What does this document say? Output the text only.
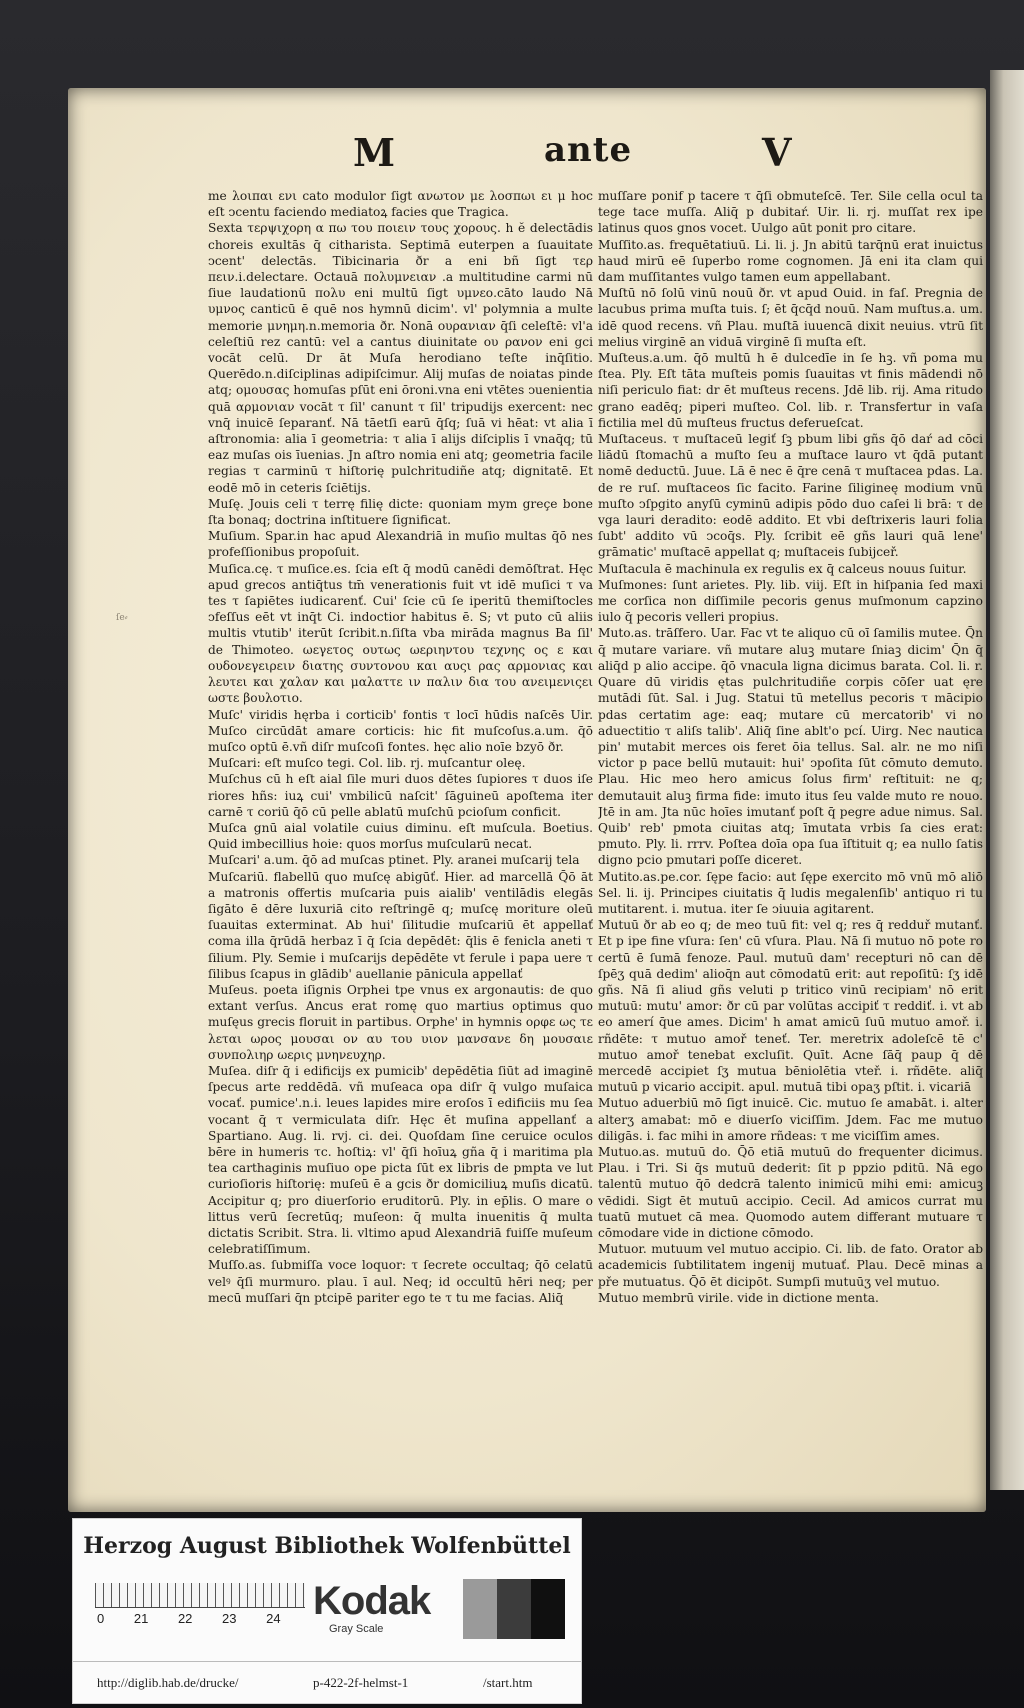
M	ante	V

me λοιπαι ενι cato modulor ſigt ανωτον με λοσπωι ει μ hoc eſt ↄcentu faciendo mediatoꝝ facies que Tragica.

Sexta τερψιχορη α πω του ποιειν τους χορους. h ĕ delectādis choreis exultās q̄ citharista. Septimā euterpen a ſuauitate ↄcent' delectās. Tibicinaria ðr a eni bñ ſigt τερ πειν.i.delectare. Octauā πολυμνειαν .a multitudine carmi nū ſiue laudationū πολυ eni multū ſigt υμνεο.cāto laudo Nā υμνος canticū ē quē nos hymnū dicim'. vl' polymnia a multe memorie μνημη.n.memoria ðr. Nonā ουρανιαν q̄ſi celeſtē: vl'a celeſtiū rez cantū: vel a cantus diuinitate ου ρανον eni gci vocāt celū. Dr āt Muſa herodiano teſte inq̄ſitio. Querēdo.n.diſciplinas adipiſcimur. Alij muſas de noiatas pinde atq; ομουσας homuſas pſūt eni ōroni.vna eni vtētes ↄuenientia quā αρμονιαν vocāt τ ſil' canunt τ ſil' tripudijs exercent: nec vnq̄ inuicē ſeparanť. Nā tāetſi earū q̄ſq; ſuā vi hēat: vt alia ī aſtronomia: alia ī geometria: τ alia ī alijs diſciplis ī vnaq̄q; tū eaz muſas ois īuenias. Jn aſtro nomia eni atq; geometria facile regias τ carminū τ hiſtorię pulchritudiñe atq; dignitatē. Et eodē mō in ceteris ſciētijs.

Muſę. Jouis celi τ terrę filię dicte: quoniam mym greçe bone ſta bonaq; doctrina inſtituere ſignificat.

Muſium. Spar.in hac apud Alexandriā in muſio multas q̄ō nes profeſſionibus propoſuit.

Muſica.cę. τ muſice.es. ſcia eſt q̄ modū canēdi demōſtrat. Hęc apud grecos antiq̄tus tm̄ venerationis fuit vt idē muſici τ va tes τ ſapiētes iudicarenť. Cui' ſcie cū ſe iperitū themiſtocles ↄfeſſus eēt vt inq̄t Ci. indoctior habitus ē. S; vt puto cū aliis multis vtutib' iterūt ſcribit.n.ſiſta vba mirāda magnus Ba ſil' de Thimoteo. ωεγετος ουτως ωεριηντου τεχνης ος ε και ουδονεγειρειν διατης συντονου και αυςι ρας αρμονιας και λευτει και χαλαν και μαλαττε ιν παλιν δια του ανειμενιςει ωστε βουλοτιο.

Muſc' viridis hęrba i corticib' fontis τ locī hūdis naſcēs Uir. Muſco circūdāt amare corticis: hic fit muſcoſus.a.um. q̄ō muſco optū ē.vñ diſr muſcoſi fontes. hęc alio noīe bzyō ðr.

Muſcari: eſt muſco tegi. Col. lib. rj. muſcantur oleę.

Muſchus cū h eſt aial ſile muri duos dētes ſupiores τ duos iſe riores hñs: iuꝝ cui' vmbilicū naſcit' ſāguineū apoſtema iter carnē τ coriū q̄ō cū pelle ablatū muſchū pcioſum conficit.

Muſca gnū aial volatile cuius diminu. eſt muſcula. Boetius. Quid imbecillius hoie: quos morſus muſcularū necat.

Muſcari' a.um. q̄ō ad muſcas ptinet. Ply. aranei muſcarij tela

Muſcariū. flabellū quo muſcę abigūť. Hier. ad marcellā Q̄ō āt a matronis offertis muſcaria puis aialib' ventilādis elegās ſigāto ē dēre luxuriā cito reſtringē q; muſcę moriture oleū ſuauitas exterminat. Ab hui' ſilitudie muſcariū ēt appellať coma illa q̄rūdā herbaz ī q̄ ſcia depēdēt: q̄lis ē fenicla aneti τ ſilium. Ply. Semie i muſcarijs depēdēte vt ferule i papa uere τ ſilibus ſcapus in glādib' auellanie pānicula appellať

Muſeus. poeta iſignis Orphei tpe vnus ex argonautis: de quo extant verſus. Ancus erat romę quo martius optimus quo muſęus grecis floruit in partibus. Orphe' in hymnis ορφε ως τε λεται ωρος μουσαι ον αυ του υιον μανσανε δη μουσαιε συνπολιηρ ωερις μνηνευχηρ.

Muſea. diſr q̄ i edificijs ex pumicib' depēdētia ſiūt ad imaginē ſpecus arte reddēdā. vñ muſeaca opa diſr q̄ vulgo muſaica vocať. pumice'.n.i. leues lapides mire eroſos ī edificiis mu ſea vocant q̄ τ vermiculata diſr. Hęc ēt muſina appellanť a Spartiano. Aug. li. rvj. ci. dei. Quoſdam ſine ceruice oculos bēre in humeris τc. hoſtiꝝ: vl' q̄ſi hoīuꝝ gña q̄ i maritima pla tea carthaginis muſiuo ope picta ſūt ex libris de pmpta ve lut curioſioris hiſtorię: muſeū ē a gcis ðr domiciliuꝝ muſis dicatū. Accipitur q; pro diuerſorio eruditorū. Ply. in ep̄lis. O mare o littus verū ſecretūq; muſeon: q̄ multa inuenitis q̄ multa dictatis Scribit. Stra. li. vltimo apud Alexandriā fuiſſe muſeum celebratiſſimum.

Muſſo.as. ſubmiſſa voce loquor: τ ſecrete occultaq; q̄ō celatū velꝰ q̄ſi murmuro. plau. ī aul. Neq; id occultū hēri neq; per mecū muſſari q̄n ptcipē pariter ego te τ tu me facias. Aliq̄

muſſare ponif p tacere τ q̄ſi obmuteſcē. Ter. Sile cella ocul ta tege tace muſſa. Aliq̄ p dubitaŕ. Uir. li. rj. muſſat rex ipe latinus quos gnos vocet. Uulgo aūt ponit pro citare.

Muſſito.as. frequētatiuū. Li. li. j. Jn abitū tarq̄nū erat inuictus haud mirū eē ſuperbo rome cognomen. Jā eni ita clam qui dam muſſitantes vulgo tamen eum appellabant.

Muſtū nō ſolū vinū nouū ðr. vt apud Ouid. in faſ. Pregnia de lacubus prima muſta tuis. ſ; ēt q̄cq̄d nouū. Nam muſtus.a. um. idē quod recens. vñ Plau. muſtā iuuencā dixit neuius. vtrū ſit melius virginē an viduā virginē ſi muſta eſt.

Muſteus.a.um. q̄ō multū h ē dulcedīe in ſe hꝫ. vñ poma mu ſtea. Ply. Eſt tāta muſteis pomis ſuauitas vt finis mādendi nō niſi periculo fiat: dr ēt muſteus recens. Jdē lib. rij. Ama ritudo grano eadēq; piperi muſteo. Col. lib. r. Transfertur in vaſa fictilia mel dū muſteus fructus deferueſcat.

Muſtaceus. τ muſtaceū legiť ſꝫ pbum libi gñs q̄ō daŕ ad cōci liādū ſtomachū a muſto ſeu a muſtace lauro vt q̄dā putant nomē deductū. Juue. Lā ē nec ē q̄re cenā τ muſtacea pdas. La. de re ruſ. muſtaceos ſic facito. Farine ſiligineę modium vnū muſto ↄſpgito anyſū cyminū adipis pōdo duo caſei li brā: τ de vga lauri deradito: eodē addito. Et vbi deſtrixeris lauri folia ſubt' addito vū ↄcoq̄s. Ply. ſcribit eē gñs lauri quā lene' grāmatic' muſtacē appellat q; muſtaceis ſubijceř.

Muſtacula ē machinula ex regulis ex q̄ calceus nouus ſuitur.

Muſmones: ſunt arietes. Ply. lib. viij. Eſt in hiſpania ſed maxi me corſica non diſſimile pecoris genus muſmonum capzino iulo q̄ pecoris velleri propius.

Muto.as. trāſfero. Uar. Fac vt te aliquo cū oī ſamilis mutee. Q̄n q̄ mutare variare. vñ mutare aluꝫ mutare ſniaꝫ dicim' Q̄n q̄ aliq̄d p alio accipe. q̄ō vnacula ligna dicimus barata. Col. li. r. Quare dū viridis ętas pulchritudiñe corpis cōſer uat ęre mutādi ſūt. Sal. i Jug. Statui tū metellus pecoris τ mācipio pdas certatim age: eaq; mutare cū mercatorib' vi no aduectitio τ aliſs talib'. Aliq̄ ſine ablt'o pcí. Uirg. Nec nautica pin' mutabit merces ois feret ōia tellus. Sal. alr. ne mo niſi victor p pace bellū mutauit: hui' ↄpoſita ſūt cōmuto demuto. Plau. Hic meo hero amicus ſolus firm' reſtituit: ne q; demutauit aluꝫ firma fide: imuto itus ſeu valde muto re nouo. Jtē in am. Jta nūc hoīes imutanť poſt q̄ pegre adue nimus. Sal. Quib' reb' pmota ciuitas atq; īmutata vrbis ſa cies erat: pmuto. Ply. li. rrrv. Poſtea doīa opa ſua īſtituit q; ea nullo ſatis digno pcio pmutari poſſe diceret.

Mutito.as.pe.cor. ſępe facio: aut ſępe exercito mō vnū mō aliō Sel. li. ij. Principes ciuitatis q̄ ludis megalenſib' antiquo ri tu mutitarent. i. mutua. iter ſe ↄiuuia agitarent.

Mutuū ðr ab eo q; de meo tuū fit: vel q; res q̄ redduř mutanť. Et p ipe fine vſura: ſen' cū vſura. Plau. Nā ſi mutuo nō pote ro certū ē ſumā fenoze. Paul. mutuū dam' recepturi nō can dē ſpēʒ quā dedim' alioq̄n aut cōmodatū erit: aut repoſitū: ſʒ idē gñs. Nā ſi aliud gñs veluti p tritico vinū recipiam' nō erit mutuū: mutu' amor: ðr cū par volūtas accipiť τ reddiť. i. vt ab eo amerí q̄ue ames. Dicim' h amat amicū ſuū mutuo amoř. i. rñdēte: τ mutuo amoř teneť. Ter. meretrix adoleſcē tē c' mutuo amoř tenebat excluſit. Quīt. Acne ſāq̄ paup q̄ dē mercedē accipiet ſʒ mutua bēniolētia vteř. i. rñdēte. aliq̄ mutuū p vicario accipit. apul. mutuā tibi opaʒ pſtit. i. vicariā

Mutuo aduerbiū mō ſigt inuicē. Cic. mutuo ſe amabāt. i. alter alterʒ amabat: mō e diuerſo viciſſim. Jdem. Fac me mutuo diligās. i. fac mihi in amore rñdeas: τ me viciſſim ames.

Mutuo.as. mutuū do. Q̄ō etiā mutuū do frequenter dicimus. Plau. i Tri. Si q̄s mutuū dederit: ſit p ppzio pditū. Nā ego talentū mutuo q̄ō dedcrā talento inimicū mihi emi: amicuꝫ vēdidi. Sigt ēt mutuū accipio. Cecil. Ad amicos currat mu tuatū mutuet cā mea. Quomodo autem differant mutuare τ cōmodare vide in dictione cōmodo.

Mutuor. mutuum vel mutuo accipio. Ci. lib. de fato. Orator ab academicis ſubtilitatem ingenij mutuať. Plau. Decē minas a pře mutuatus. Q̄ō ēt dicipōt. Sumpſi mutuūʒ vel mutuo.

Mutuo membrū virile. vide in dictione menta.

ſe⸗
Herzog August Bibliothek Wolfenbüttel
0 21 22 23 24 Kodak
Gray Scale
http://diglib.hab.de/drucke/	p-422-2f-helmst-1	/start.htm
